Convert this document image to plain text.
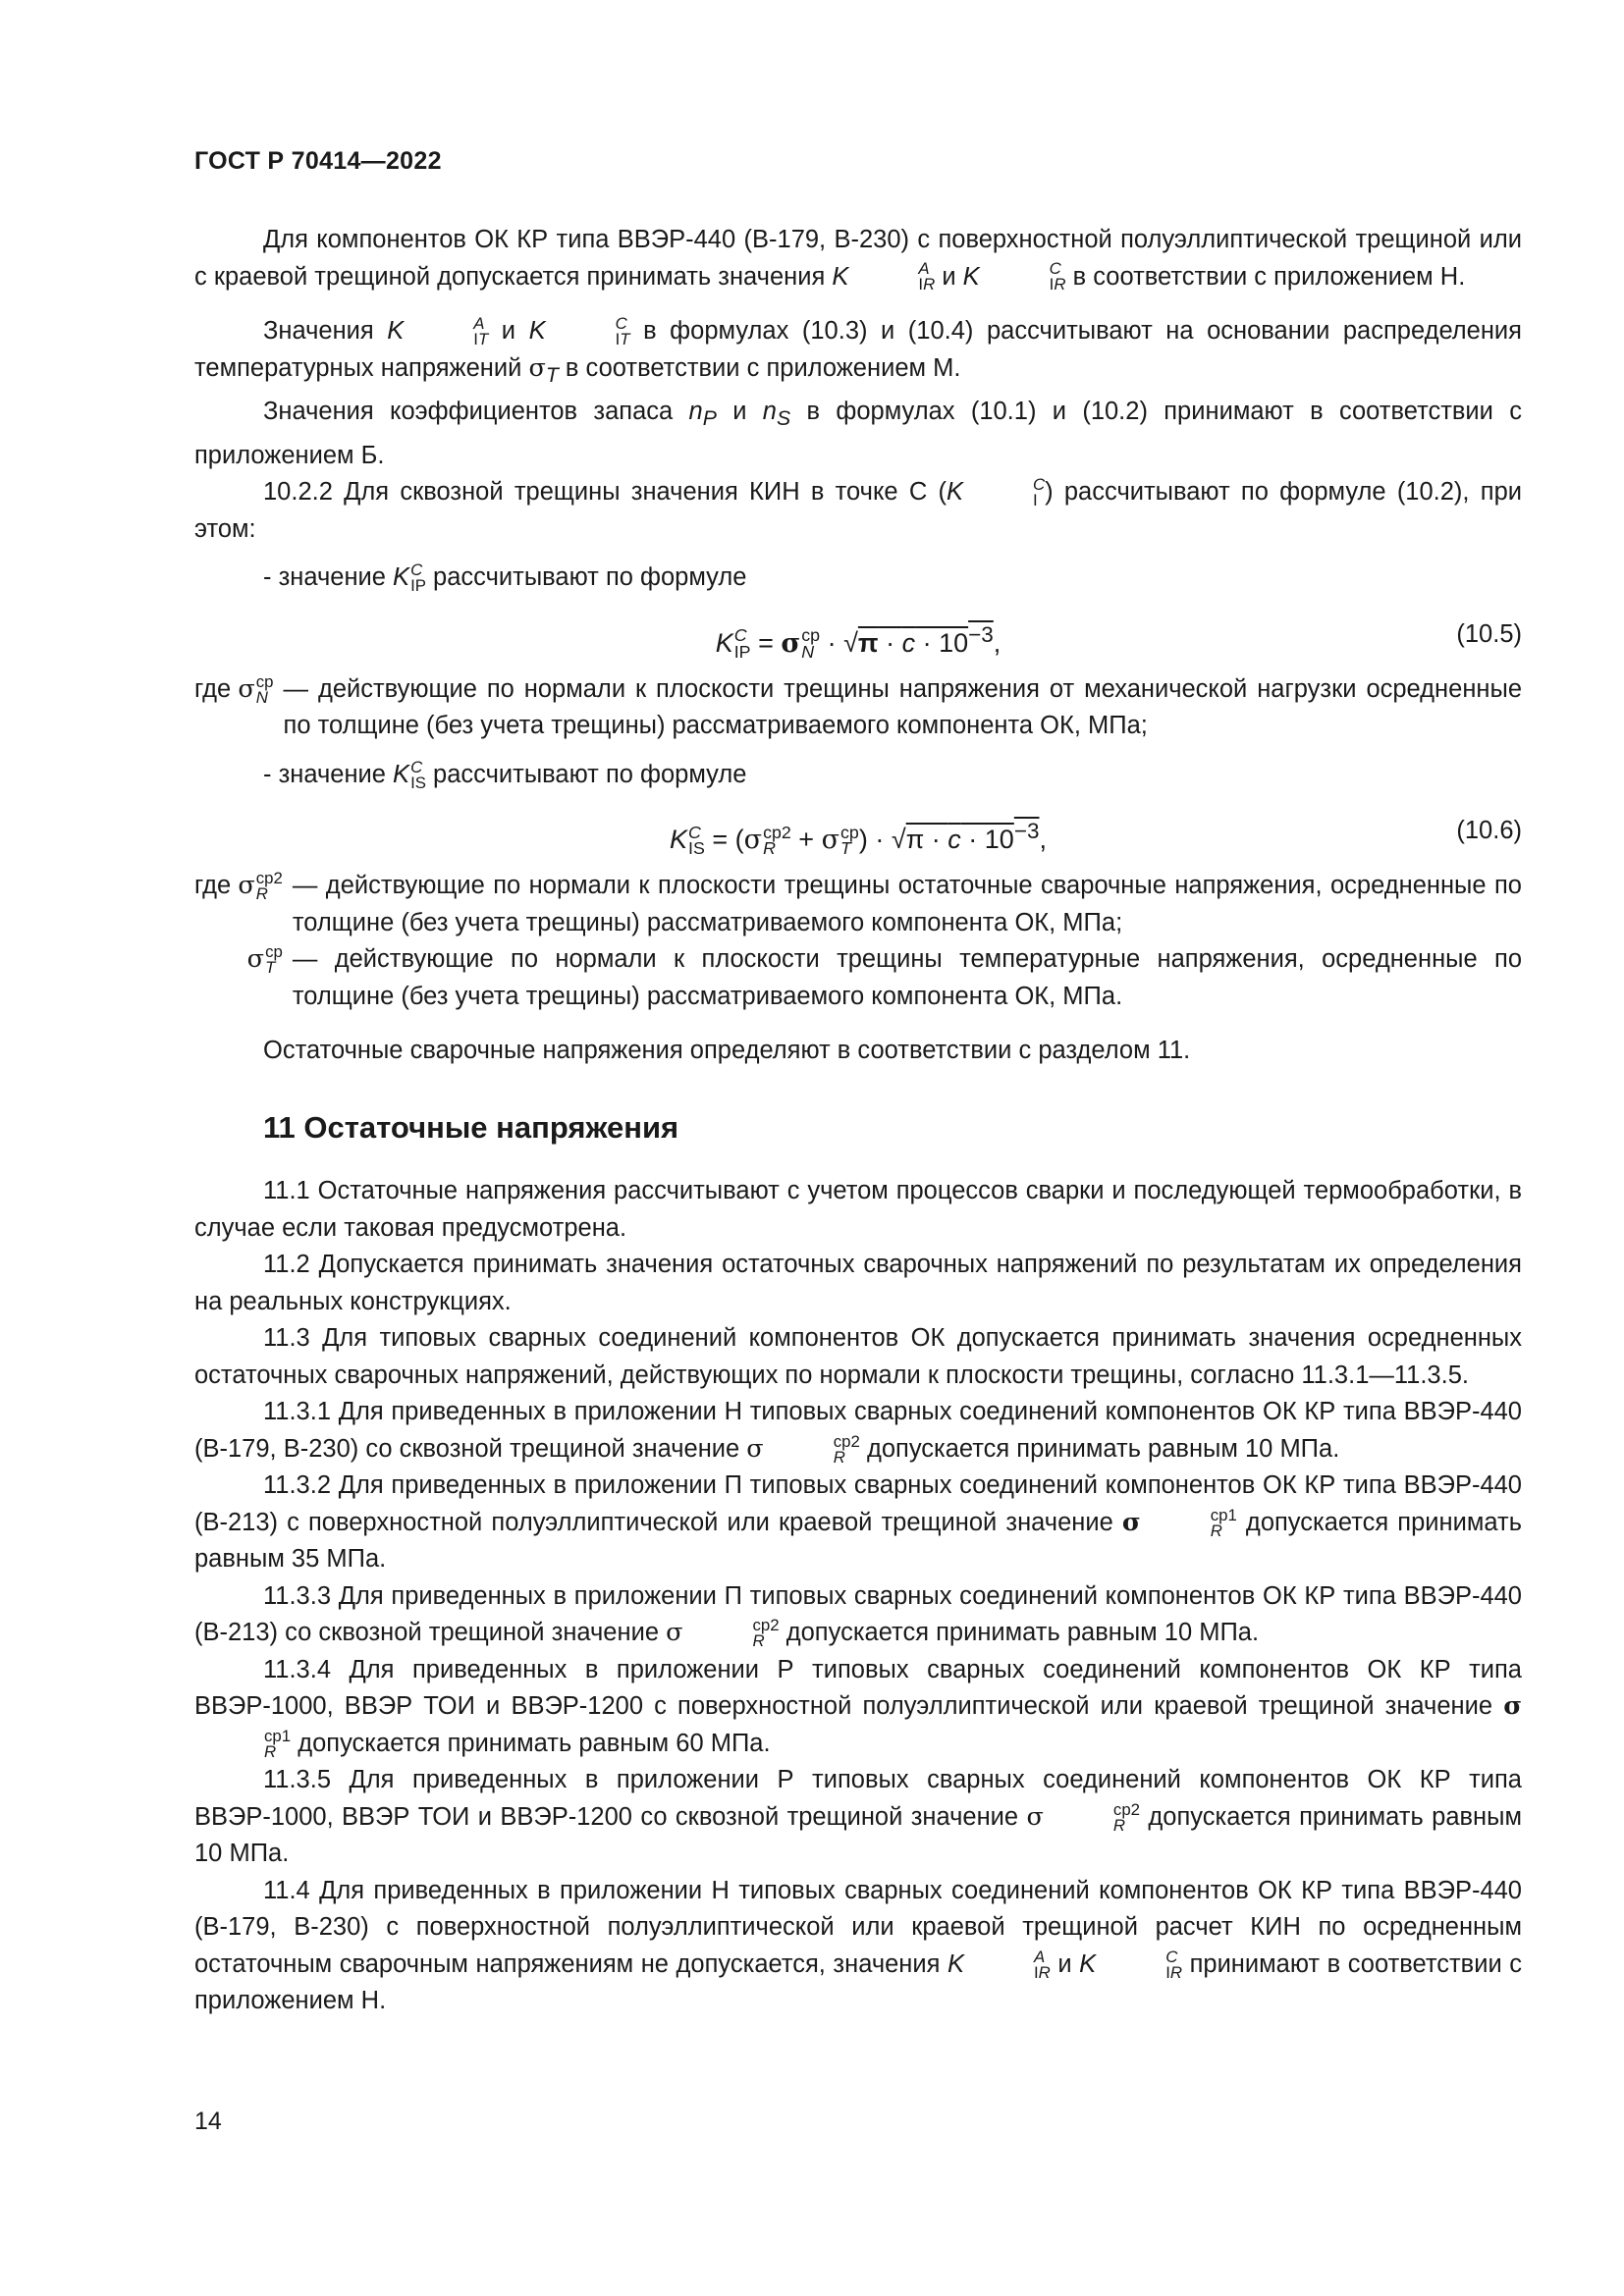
ГОСТ Р 70414—2022

Для компонентов ОК КР типа ВВЭР-440 (В-179, В-230) с поверхностной полуэллиптической трещиной или с краевой трещиной допускается принимать значения K	A
IR и K	C
IR в соответствии с приложением Н.

Значения K	A
IT и K	C
IT в формулах (10.3) и (10.4) рассчитывают на основании распределения температурных напряжений $\sigma_T$ в соответствии с приложением М.

Значения коэффициентов запаса $n_P$ и $n_S$ в формулах (10.1) и (10.2) принимают в соответствии с приложением Б.

10.2.2 Для сквозной трещины значения КИН в точке С (K	C
I ) рассчитывают по формуле (10.2), при этом:

- значение K C
IP рассчитывают по формуле

K C
IP = σ ср
$N \cdot √\pi \cdot c \cdot 10^{-3}$,	(10.5)
где σ ср
N — действующие по нормали к плоскости трещины напряжения от механической нагрузки осредненные по толщине (без учета трещины) рассматриваемого компонента ОК, МПа;

- значение K C
IS рассчитывают по формуле

K C
IS = (σ ср2
R + σ ср
T ) · $√\pi \cdot c \cdot 10^{-3}$,	(10.6)
где σ ср2
R — действующие по нормали к плоскости трещины остаточные сварочные напряжения, осредненные по толщине (без учета трещины) рассматриваемого компонента ОК, МПа;
σ ср
T — действующие по нормали к плоскости трещины температурные напряжения, осредненные по толщине (без учета трещины) рассматриваемого компонента ОК, МПа.

Остаточные сварочные напряжения определяют в соответствии с разделом 11.

11 Остаточные напряжения

11.1 Остаточные напряжения рассчитывают с учетом процессов сварки и последующей термообработки, в случае если таковая предусмотрена.

11.2 Допускается принимать значения остаточных сварочных напряжений по результатам их определения на реальных конструкциях.

11.3 Для типовых сварных соединений компонентов ОК допускается принимать значения осредненных остаточных сварочных напряжений, действующих по нормали к плоскости трещины, согласно 11.3.1—11.3.5.

11.3.1 Для приведенных в приложении Н типовых сварных соединений компонентов ОК КР типа ВВЭР-440 (В-179, В-230) со сквозной трещиной значение σ	ср2
R допускается принимать равным 10 МПа.

11.3.2 Для приведенных в приложении П типовых сварных соединений компонентов ОК КР типа ВВЭР-440 (В-213) с поверхностной полуэллиптической или краевой трещиной значение σ	ср1
R допускается принимать равным 35 МПа.

11.3.3 Для приведенных в приложении П типовых сварных соединений компонентов ОК КР типа ВВЭР-440 (В-213) со сквозной трещиной значение σ	ср2
R допускается принимать равным 10 МПа.

11.3.4 Для приведенных в приложении Р типовых сварных соединений компонентов ОК КР типа ВВЭР-1000, ВВЭР ТОИ и ВВЭР-1200 с поверхностной полуэллиптической или краевой трещиной значение σ
ср1
R допускается принимать равным 60 МПа.

11.3.5 Для приведенных в приложении Р типовых сварных соединений компонентов ОК КР типа ВВЭР-1000, ВВЭР ТОИ и ВВЭР-1200 со сквозной трещиной значение σ	ср2
R допускается принимать равным 10 МПа.

11.4 Для приведенных в приложении Н типовых сварных соединений компонентов ОК КР типа ВВЭР-440 (В-179, В-230) с поверхностной полуэллиптической или краевой трещиной расчет КИН по осредненным остаточным сварочным напряжениям не допускается, значения K	A
IR и K	C
IR принимают в соответствии с приложением Н.

14
